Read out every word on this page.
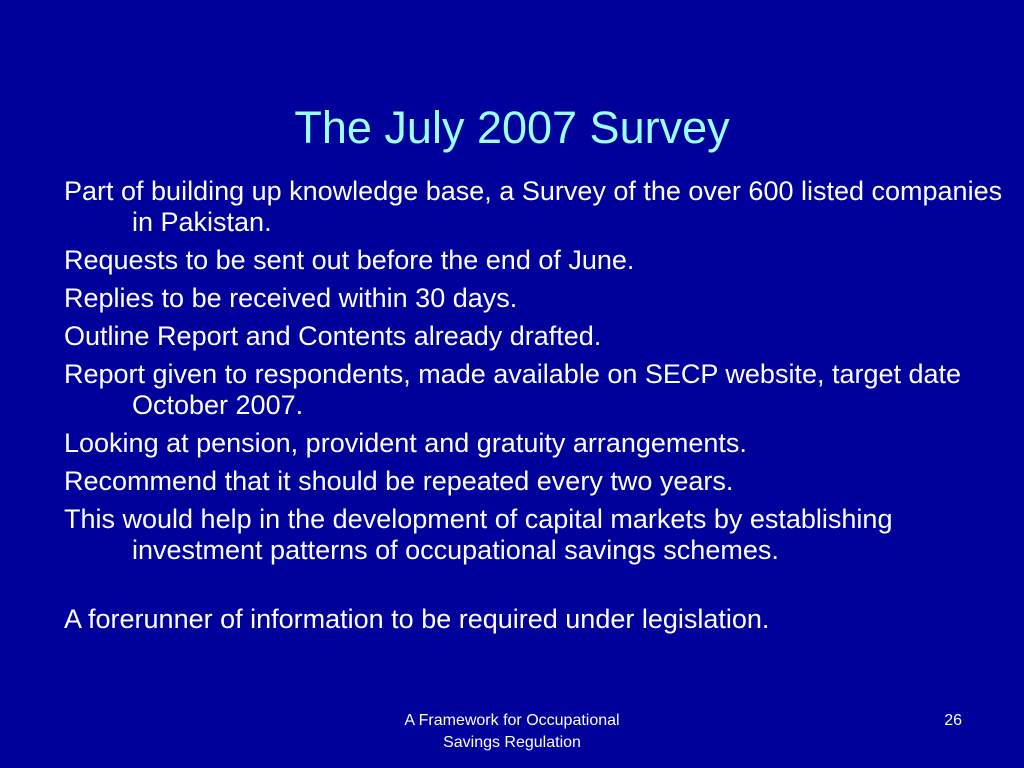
The July 2007 Survey
Part of building up knowledge base, a Survey of the over 600 listed companies in Pakistan.
Requests to be sent out before the end of June.
Replies to be received within 30 days.
Outline Report and Contents already drafted.
Report given to respondents, made available on SECP website, target date October 2007.
Looking at pension, provident and gratuity arrangements.
Recommend that it should be repeated every two years.
This would help in the development of capital markets by establishing investment patterns of occupational savings schemes.
A forerunner of information to be required under legislation.
A Framework for Occupational
Savings Regulation
26
